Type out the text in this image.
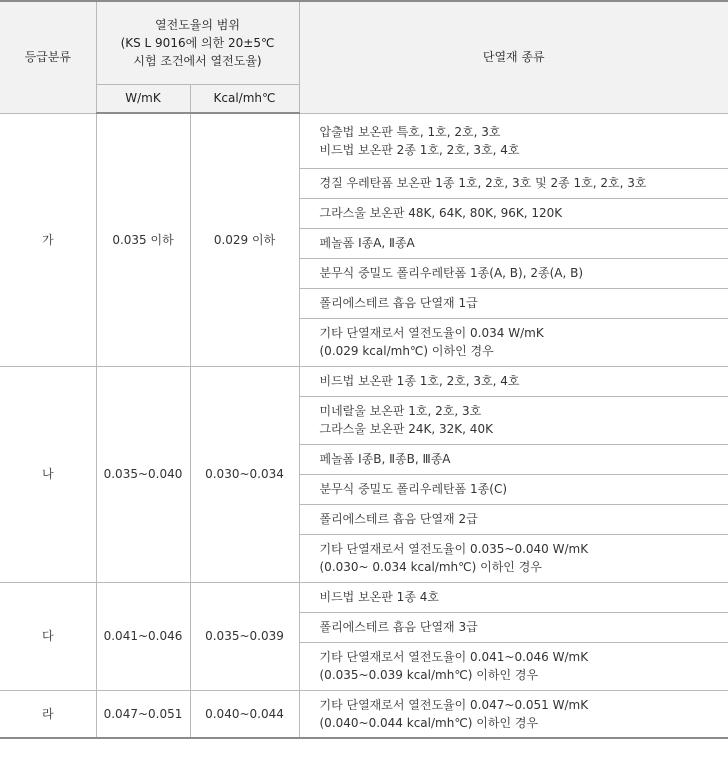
등급분류	열전도율의 범위
(KS L 9016에 의한 20±5℃
시험 조건에서 열전도율)		단열재 종류
	W/mK	Kcal/mh℃	
가	0.035 이하	0.029 이하	압출법 보온판 특호, 1호, 2호, 3호
비드법 보온판 2종 1호, 2호, 3호, 4호

			경질 우레탄폼 보온판 1종 1호, 2호, 3호 및 2종 1호, 2호, 3호

			그라스울 보온판 48K, 64K, 80K, 96K, 120K

			페놀폼 Ⅰ종A, Ⅱ종A

			분무식 중밀도 폴리우레탄폼 1종(A, B), 2종(A, B)

			폴리에스테르 흡음 단열재 1급

			기타 단열재로서 열전도율이 0.034 W/mK
(0.029 kcal/mh℃) 이하인 경우

나	0.035~0.040	0.030~0.034	비드법 보온판 1종 1호, 2호, 3호, 4호

			미네랄울 보온판 1호, 2호, 3호
그라스울 보온판 24K, 32K, 40K

			페놀폼 Ⅰ종B, Ⅱ종B, Ⅲ종A

			분무식 중밀도 폴리우레탄폼 1종(C)

			폴리에스테르 흡음 단열재 2급

			기타 단열재로서 열전도율이 0.035~0.040 W/mK
(0.030~ 0.034 kcal/mh℃) 이하인 경우

다	0.041~0.046	0.035~0.039	비드법 보온판 1종 4호

			폴리에스테르 흡음 단열재 3급

			기타 단열재로서 열전도율이 0.041~0.046 W/mK
(0.035~0.039 kcal/mh℃) 이하인 경우

라	0.047~0.051	0.040~0.044	기타 단열재로서 열전도율이 0.047~0.051 W/mK
(0.040~0.044 kcal/mh℃) 이하인 경우
